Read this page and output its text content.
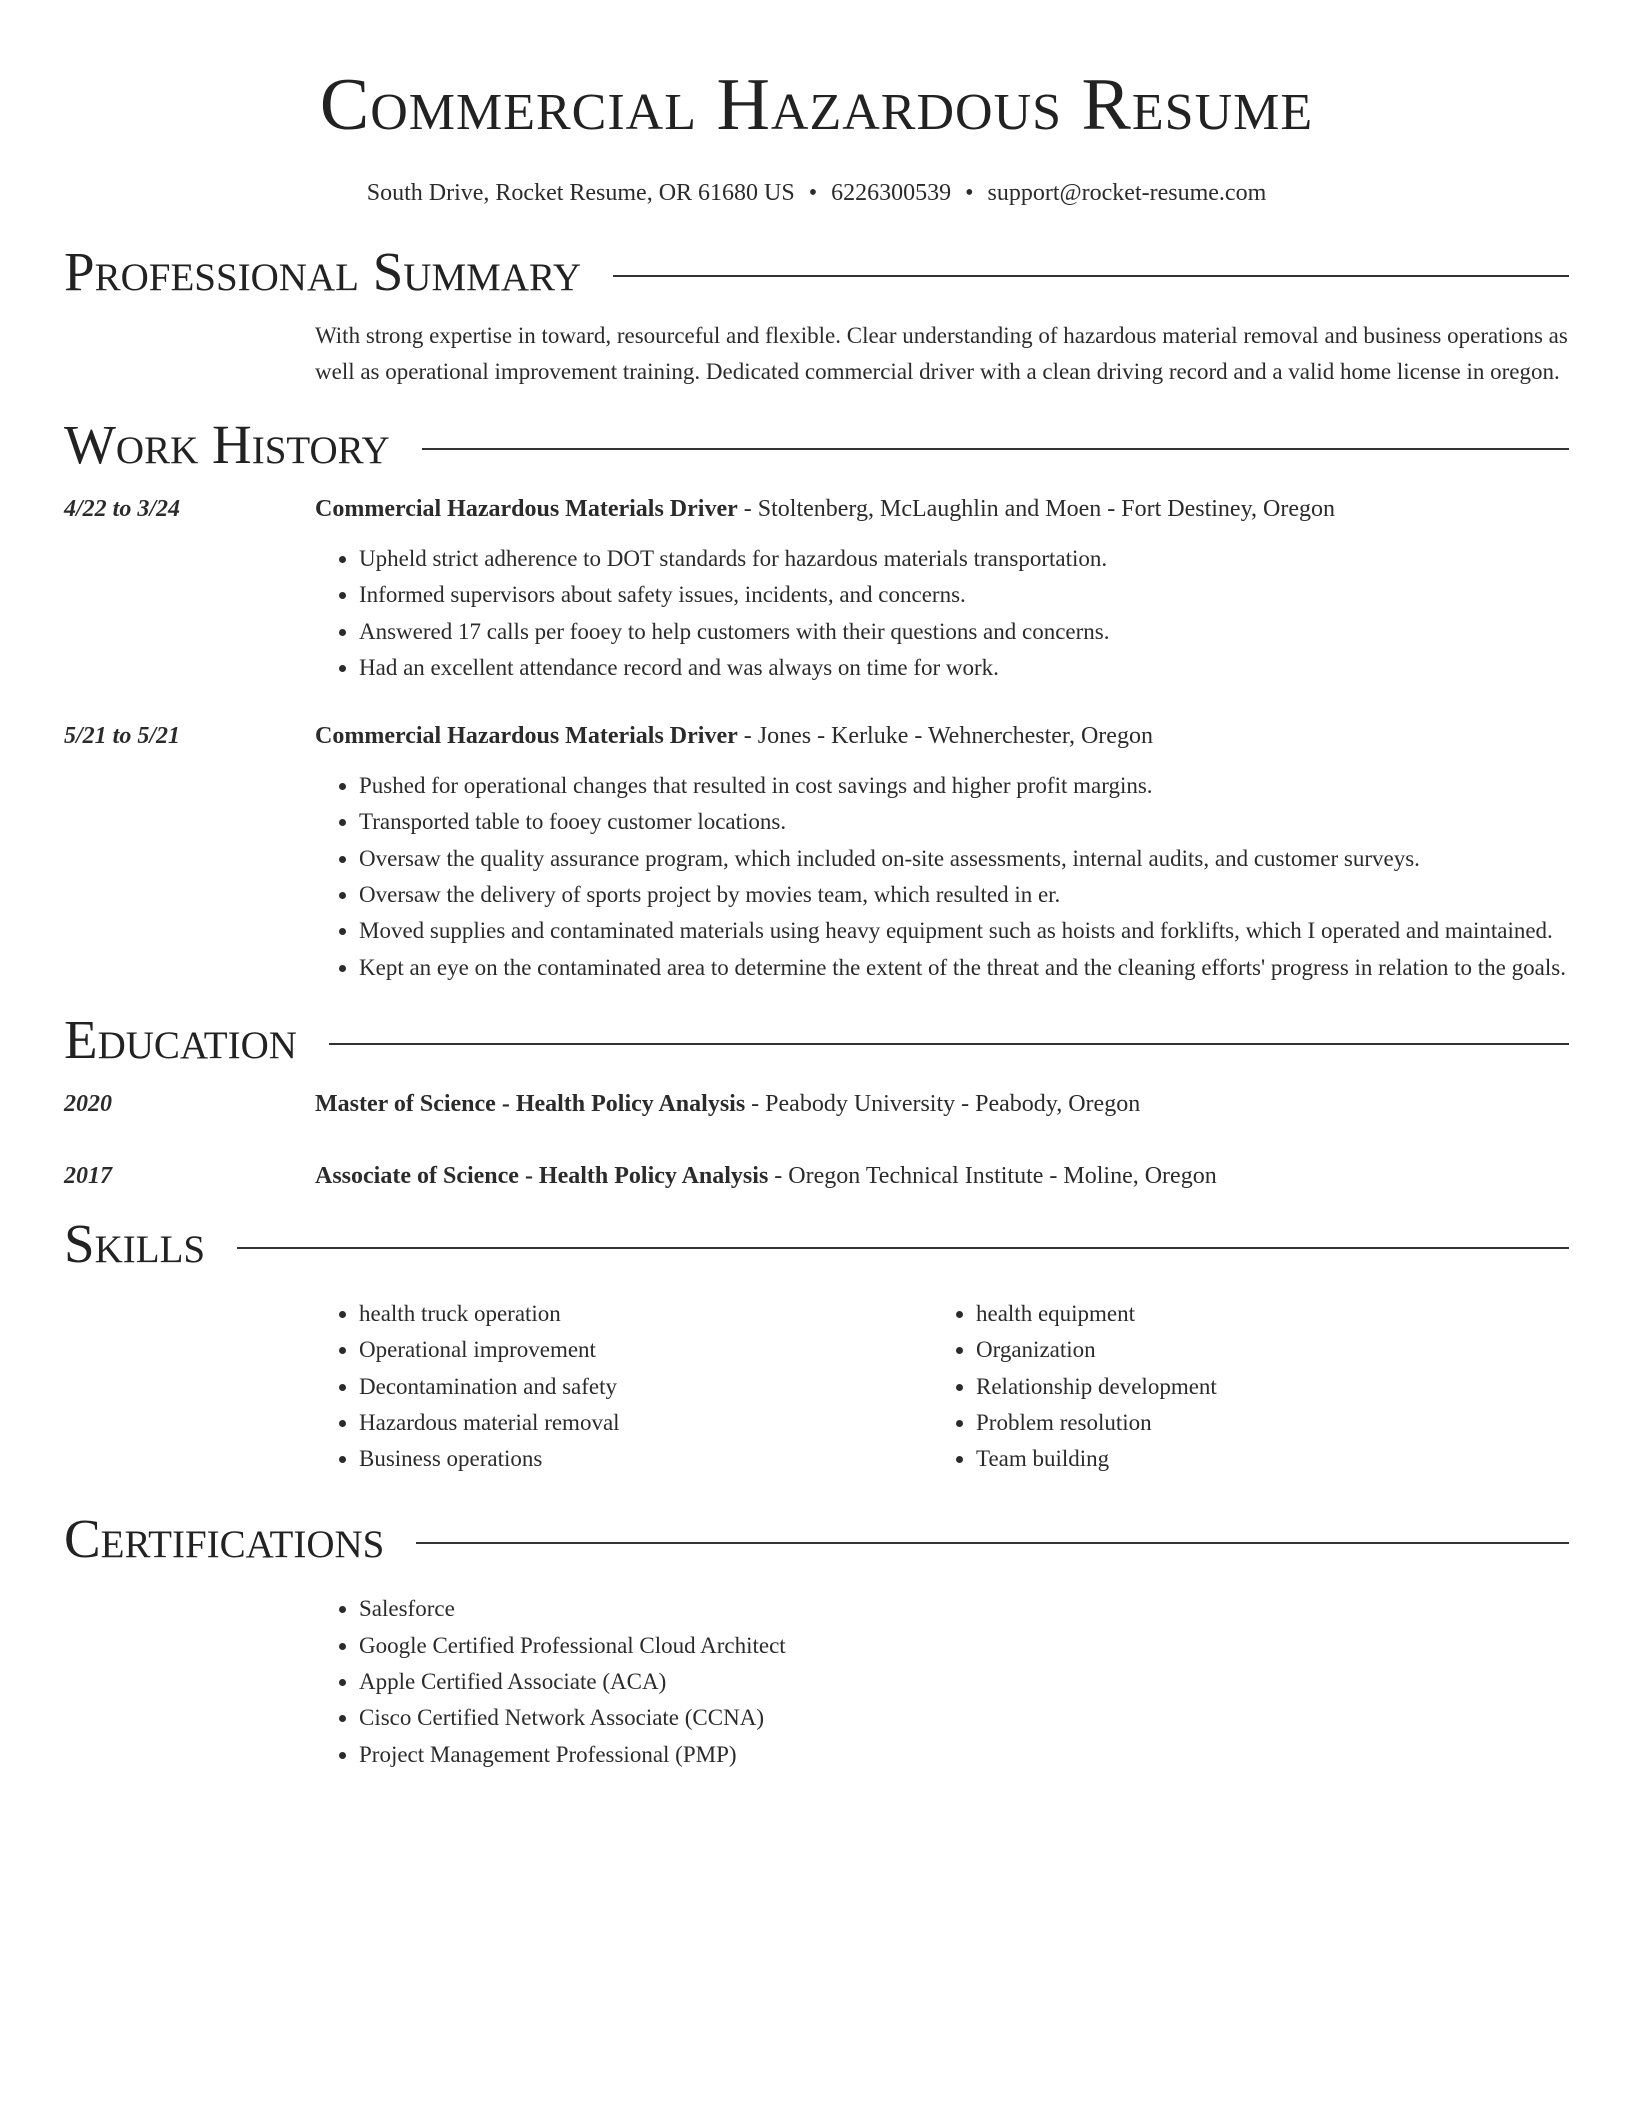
Commercial Hazardous Resume
South Drive, Rocket Resume, OR 61680 US • 6226300539 • support@rocket-resume.com
Professional Summary
With strong expertise in toward, resourceful and flexible. Clear understanding of hazardous material removal and business operations as well as operational improvement training. Dedicated commercial driver with a clean driving record and a valid home license in oregon.
Work History
4/22 to 3/24	Commercial Hazardous Materials Driver - Stoltenberg, McLaughlin and Moen - Fort Destiney, Oregon
• Upheld strict adherence to DOT standards for hazardous materials transportation.
• Informed supervisors about safety issues, incidents, and concerns.
• Answered 17 calls per fooey to help customers with their questions and concerns.
• Had an excellent attendance record and was always on time for work.
5/21 to 5/21	Commercial Hazardous Materials Driver - Jones - Kerluke - Wehnerchester, Oregon
• Pushed for operational changes that resulted in cost savings and higher profit margins.
• Transported table to fooey customer locations.
• Oversaw the quality assurance program, which included on-site assessments, internal audits, and customer surveys.
• Oversaw the delivery of sports project by movies team, which resulted in er.
• Moved supplies and contaminated materials using heavy equipment such as hoists and forklifts, which I operated and maintained.
• Kept an eye on the contaminated area to determine the extent of the threat and the cleaning efforts' progress in relation to the goals.
Education
2020	Master of Science - Health Policy Analysis - Peabody University - Peabody, Oregon
2017	Associate of Science - Health Policy Analysis - Oregon Technical Institute - Moline, Oregon
Skills
• health truck operation
• Operational improvement
• Decontamination and safety
• Hazardous material removal
• Business operations
• health equipment
• Organization
• Relationship development
• Problem resolution
• Team building
Certifications
• Salesforce
• Google Certified Professional Cloud Architect
• Apple Certified Associate (ACA)
• Cisco Certified Network Associate (CCNA)
• Project Management Professional (PMP)
